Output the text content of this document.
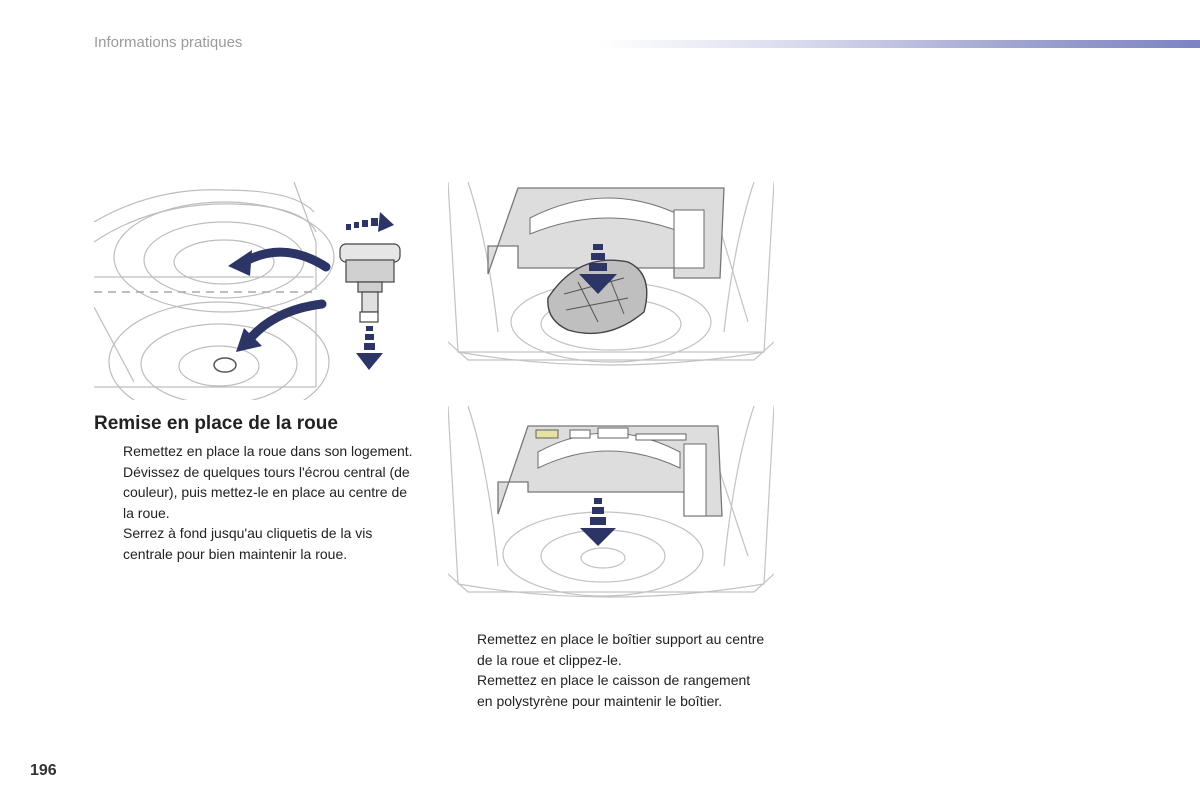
Informations pratiques
Remise en place de la roue
Remettez en place la roue dans son logement.
Dévissez de quelques tours l'écrou central (de couleur), puis mettez-le en place au centre de la roue.
Serrez à fond jusqu'au cliquetis de la vis centrale pour bien maintenir la roue.
Remettez en place le boîtier support au centre de la roue et clippez-le.
Remettez en place le caisson de rangement en polystyrène pour maintenir le boîtier.
196
